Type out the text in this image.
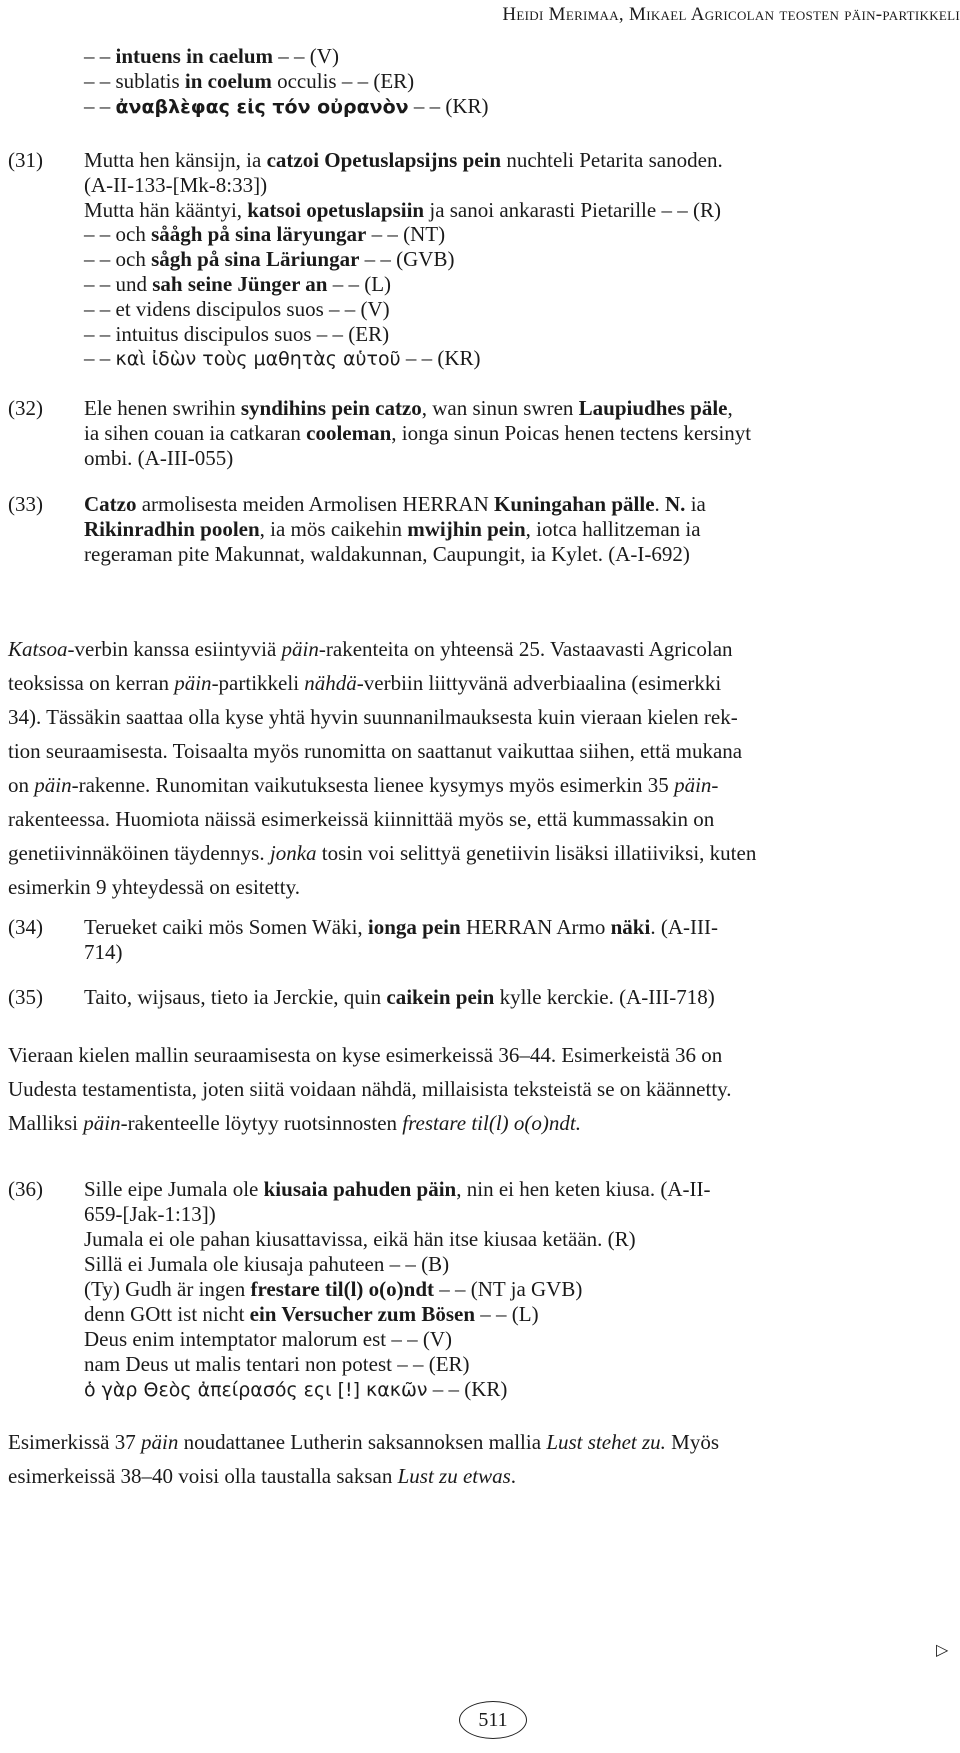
Heidi Merimaa, Mikael Agricolan teosten päin-partikkeli
– – intuens in caelum – – (V)
– – sublatis in coelum occulis – – (ER)
– – ἀναβλὲφας εἰς τόν οὐρανὸν – – (KR)
(31) Mutta hen känsijn, ia catzoi Opetuslapsijns pein nuchteli Petarita sanoden.
(A-II-133-[Mk-8:33])
Mutta hän kääntyi, katsoi opetuslapsiin ja sanoi ankarasti Pietarille – – (R)
– – och såågh på sina läryungar – – (NT)
– – och sågh på sina Läriungar – – (GVB)
– – und sah seine Jünger an – – (L)
– – et videns discipulos suos – – (V)
– – intuitus discipulos suos – – (ER)
– – καὶ ἰδὼν τοὺς μαθητὰς αὑτοῦ – – (KR)
(32) Ele henen swrihin syndihins pein catzo, wan sinun swren Laupiudhes päle,
ia sihen couan ia catkaran cooleman, ionga sinun Poicas henen tectens kersinyt
ombi. (A-III-055)
(33) Catzo armolisesta meiden Armolisen HERRAN Kuningahan pälle. N. ia
Rikinradhin poolen, ia mös caikehin mwijhin pein, iotca hallitzeman ia
regeraman pite Makunnat, waldakunnan, Caupungit, ia Kylet. (A-I-692)
Katsoa-verbin kanssa esiintyviä päin-rakenteita on yhteensä 25. Vastaavasti Agricolan
teoksissa on kerran päin-partikkeli nähdä-verbiin liittyvänä adverbiaalina (esimerkki
34). Tässäkin saattaa olla kyse yhtä hyvin suunnanilmauksesta kuin vieraan kielen rek-
tion seuraamisesta. Toisaalta myös runomitta on saattanut vaikuttaa siihen, että mukana
on päin-rakenne. Runomitan vaikutuksesta lienee kysymys myös esimerkin 35 päin-
rakenteessa. Huomiota näissä esimerkeissä kiinnittää myös se, että kummassakin on
genetiivinnäköinen täydennys. jonka tosin voi selittyä genetiivin lisäksi illatiiviksi, kuten
esimerkin 9 yhteydessä on esitetty.
(34) Terueket caiki mös Somen Wäki, ionga pein HERRAN Armo näki. (A-III-
714)
(35) Taito, wijsaus, tieto ia Jerckie, quin caikein pein kylle kerckie. (A-III-718)
Vieraan kielen mallin seuraamisesta on kyse esimerkeissä 36–44. Esimerkeistä 36 on
Uudesta testamentista, joten siitä voidaan nähdä, millaisista teksteistä se on käännetty.
Malliksi päin-rakenteelle löytyy ruotsinnosten frestare til(l) o(o)ndt.
(36) Sille eipe Jumala ole kiusaia pahuden päin, nin ei hen keten kiusa. (A-II-
659-[Jak-1:13])
Jumala ei ole pahan kiusattavissa, eikä hän itse kiusaa ketään. (R)
Sillä ei Jumala ole kiusaja pahuteen – – (B)
(Ty) Gudh är ingen frestare til(l) o(o)ndt – – (NT ja GVB)
denn GOtt ist nicht ein Versucher zum Bösen – – (L)
Deus enim intemptator malorum est – – (V)
nam Deus ut malis tentari non potest – – (ER)
ὁ γὰρ Θεὸς ἀπείρασός εςι [!] κακῶν – – (KR)
Esimerkissä 37 päin noudattanee Lutherin saksannoksen mallia Lust stehet zu. Myös
esimerkeissä 38–40 voisi olla taustalla saksan Lust zu etwas.
▷
511
